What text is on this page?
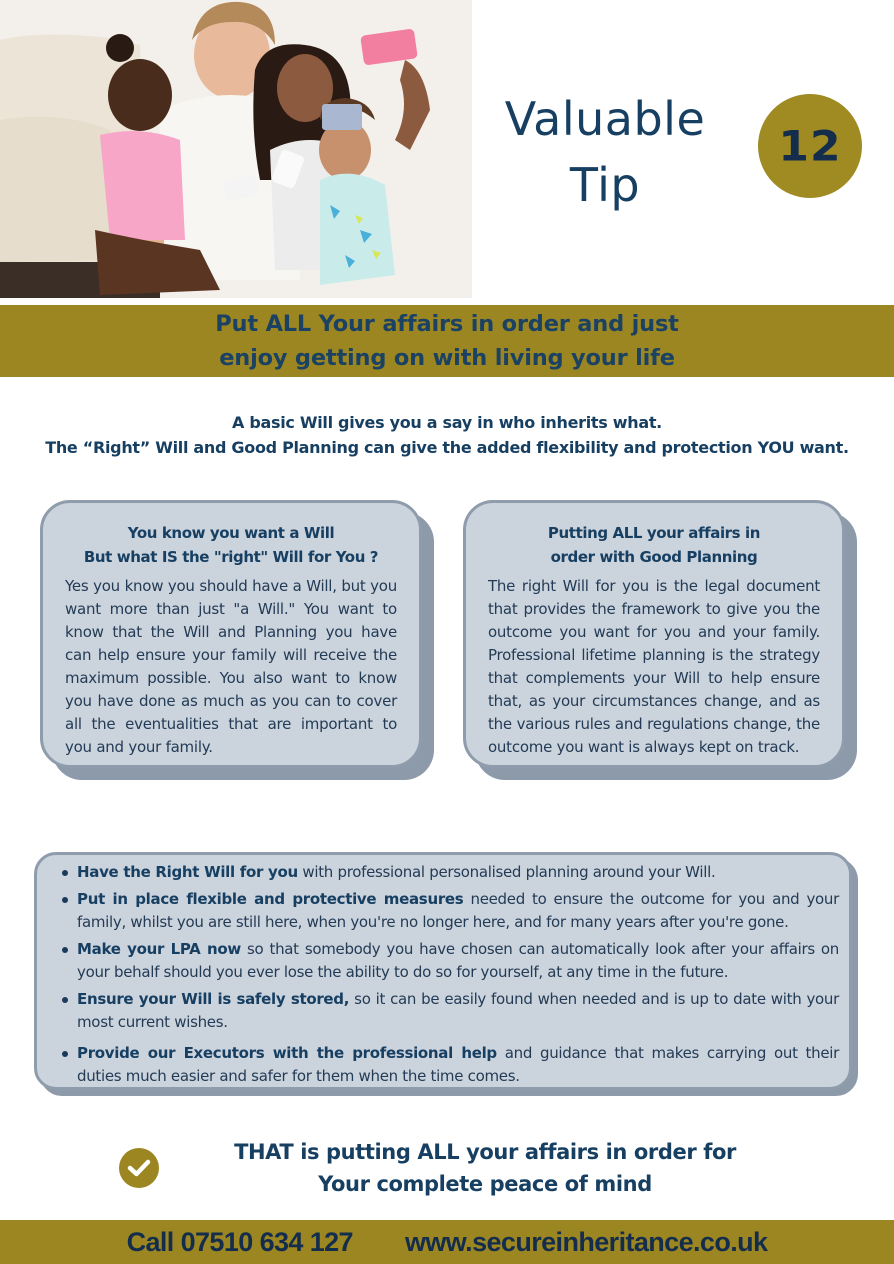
Valuable
Tip
12
Put ALL Your affairs in order and just
enjoy getting on with living your life
A basic Will gives you a say in who inherits what.
The “Right” Will and Good Planning can give the added flexibility and protection YOU want.
You know you want a Will
But what IS the "right" Will for You ?

Yes you know you should have a Will, but you want more than just "a Will." You want to know that the Will and Planning you have can help ensure your family will receive the maximum possible. You also want to know you have done as much as you can to cover all the eventualities that are important to you and your family.

Putting ALL your affairs in
order with Good Planning

The right Will for you is the legal document that provides the framework to give you the outcome you want for you and your family. Professional lifetime planning is the strategy that complements your Will to help ensure that, as your circumstances change, and as the various rules and regulations change, the outcome you want is always kept on track.

Have the Right Will for you with professional personalised planning around your Will.
Put in place flexible and protective measures needed to ensure the outcome for you and your family, whilst you are still here, when you're no longer here, and for many years after you're gone.
Make your LPA now so that somebody you have chosen can automatically look after your affairs on your behalf should you ever lose the ability to do so for yourself, at any time in the future.
Ensure your Will is safely stored, so it can be easily found when needed and is up to date with your most current wishes.
Provide our Executors with the professional help and guidance that makes carrying out their duties much easier and safer for them when the time comes.
THAT is putting ALL your affairs in order for
Your complete peace of mind
Call 07510 634 127 www.secureinheritance.co.uk
